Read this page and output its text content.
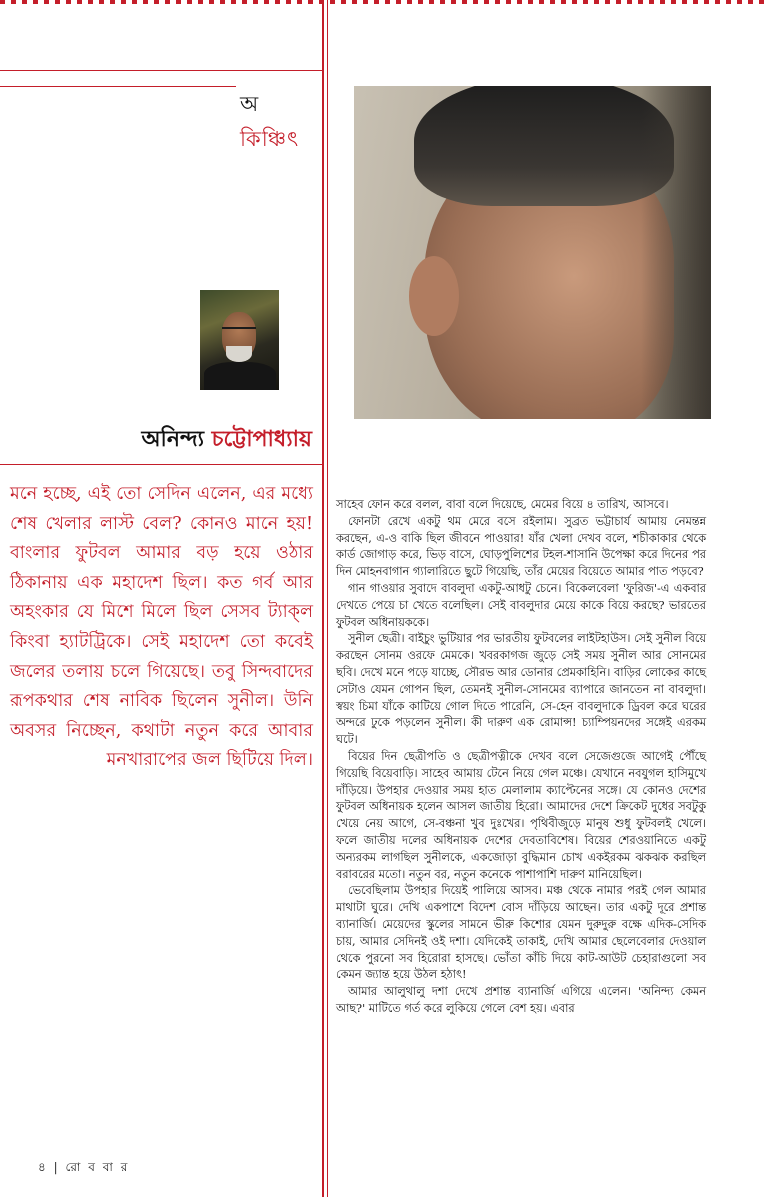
অ কিঞ্চিৎ
অনিন্দ্য চট্টোপাধ্যায়

মনে হচ্ছে, এই তো সেদিন এলেন, এর মধ্যে শেষ খেলার লাস্ট বেল? কোনও মানে হয়! বাংলার ফুটবল আমার বড় হয়ে ওঠার ঠিকানায় এক মহাদেশ ছিল। কত গর্ব আর অহংকার যে মিশে মিলে ছিল সেসব ট্যাক্‌ল কিংবা হ্যাটট্রিকে। সেই মহাদেশ তো কবেই জলের তলায় চলে গিয়েছে। তবু সিন্দবাদের রূপকথার শেষ নাবিক ছিলেন সুনীল। উনি অবসর নিচ্ছেন, কথাটা নতুন করে আবার মনখারাপের জল ছিটিয়ে দিল।

সাহেব ফোন করে বলল, বাবা বলে দিয়েছে, মেমের বিয়ে ৪ তারিখ, আসবে।

ফোনটা রেখে একটু থম মেরে বসে রইলাম। সুব্রত ভট্টাচার্য আমায় নেমন্তন্ন করছেন, এ-ও বাকি ছিল জীবনে পাওয়ার! যাঁর খেলা দেখব বলে, শচীকাকার থেকে কার্ড জোগাড় করে, ভিড় বাসে, ঘোড়পুলিশের টহল-শাসানি উপেক্ষা করে দিনের পর দিন মোহনবাগান গ্যালারিতে ছুটে গিয়েছি, তাঁর মেয়ের বিয়েতে আমার পাত পড়বে?

গান গাওয়ার সুবাদে বাবলুদা একটু-আধটু চেনে। বিকেলবেলা 'ফুরিজ'-এ একবার দেখতে পেয়ে চা খেতে বলেছিল। সেই বাবলুদার মেয়ে কাকে বিয়ে করছে? ভারতের ফুটবল অধিনায়ককে।

সুনীল ছেত্রী। বাইচুং ভুটিয়ার পর ভারতীয় ফুটবলের লাইটহাউস। সেই সুনীল বিয়ে করছেন সোনম ওরফে মেমকে। খবরকাগজ জুড়ে সেই সময় সুনীল আর সোনমের ছবি। দেখে মনে পড়ে যাচ্ছে, সৌরভ আর ডোনার প্রেমকাহিনি। বাড়ির লোকের কাছে সেটাও যেমন গোপন ছিল, তেমনই সুনীল-সোনমের ব্যাপারে জানতেন না বাবলুদা। স্বয়ং চিমা যাঁকে কাটিয়ে গোল দিতে পারেনি, সে-হেন বাবলুদাকে ড্রিবল করে ঘরের অন্দরে ঢুকে পড়লেন সুনীল। কী দারুণ এক রোমান্স! চ্যাম্পিয়নদের সঙ্গেই এরকম ঘটে।

বিয়ের দিন ছেত্রীপতি ও ছেত্রীপত্নীকে দেখব বলে সেজেগুজে আগেই পৌঁছে গিয়েছি বিয়েবাড়ি। সাহেব আমায় টেনে নিয়ে গেল মঞ্চে। যেখানে নবযুগল হাসিমুখে দাঁড়িয়ে। উপহার দেওয়ার সময় হাত মেলালাম ক্যাপ্টেনের সঙ্গে। যে কোনও দেশের ফুটবল অধিনায়ক হলেন আসল জাতীয় হিরো। আমাদের দেশে ক্রিকেট দুধের সবটুকু খেয়ে নেয় আগে, সে-বঞ্চনা খুব দুঃখের। পৃথিবীজুড়ে মানুষ শুধু ফুটবলই খেলে। ফলে জাতীয় দলের অধিনায়ক দেশের দেবতাবিশেষ। বিয়ের শেরওয়ানিতে একটু অন্যরকম লাগছিল সুনীলকে, একজোড়া বুদ্ধিমান চোখ একইরকম ঝকঝক করছিল বরাবরের মতো। নতুন বর, নতুন কনেকে পাশাপাশি দারুণ মানিয়েছিল।

ভেবেছিলাম উপহার দিয়েই পালিয়ে আসব। মঞ্চ থেকে নামার পরই গেল আমার মাথাটা ঘুরে। দেখি একপাশে বিদেশ বোস দাঁড়িয়ে আছেন। তার একটু দূরে প্রশান্ত ব্যানার্জি। মেয়েদের স্কুলের সামনে ভীরু কিশোর যেমন দুরুদুরু বক্ষে এদিক-সেদিক চায়, আমার সেদিনই ওই দশা। যেদিকেই তাকাই, দেখি আমার ছেলেবেলার দেওয়াল থেকে পুরনো সব হিরোরা হাসছে। ভোঁতা কাঁচি দিয়ে কাট-আউট চেহারাগুলো সব কেমন জ্যান্ত হয়ে উঠল হঠাৎ!

আমার আলুথালু দশা দেখে প্রশান্ত ব্যানার্জি এগিয়ে এলেন। 'অনিন্দ্য কেমন আছ?' মাটিতে গর্ত করে লুকিয়ে গেলে বেশ হয়। এবার

৪ | রো ব বা র
